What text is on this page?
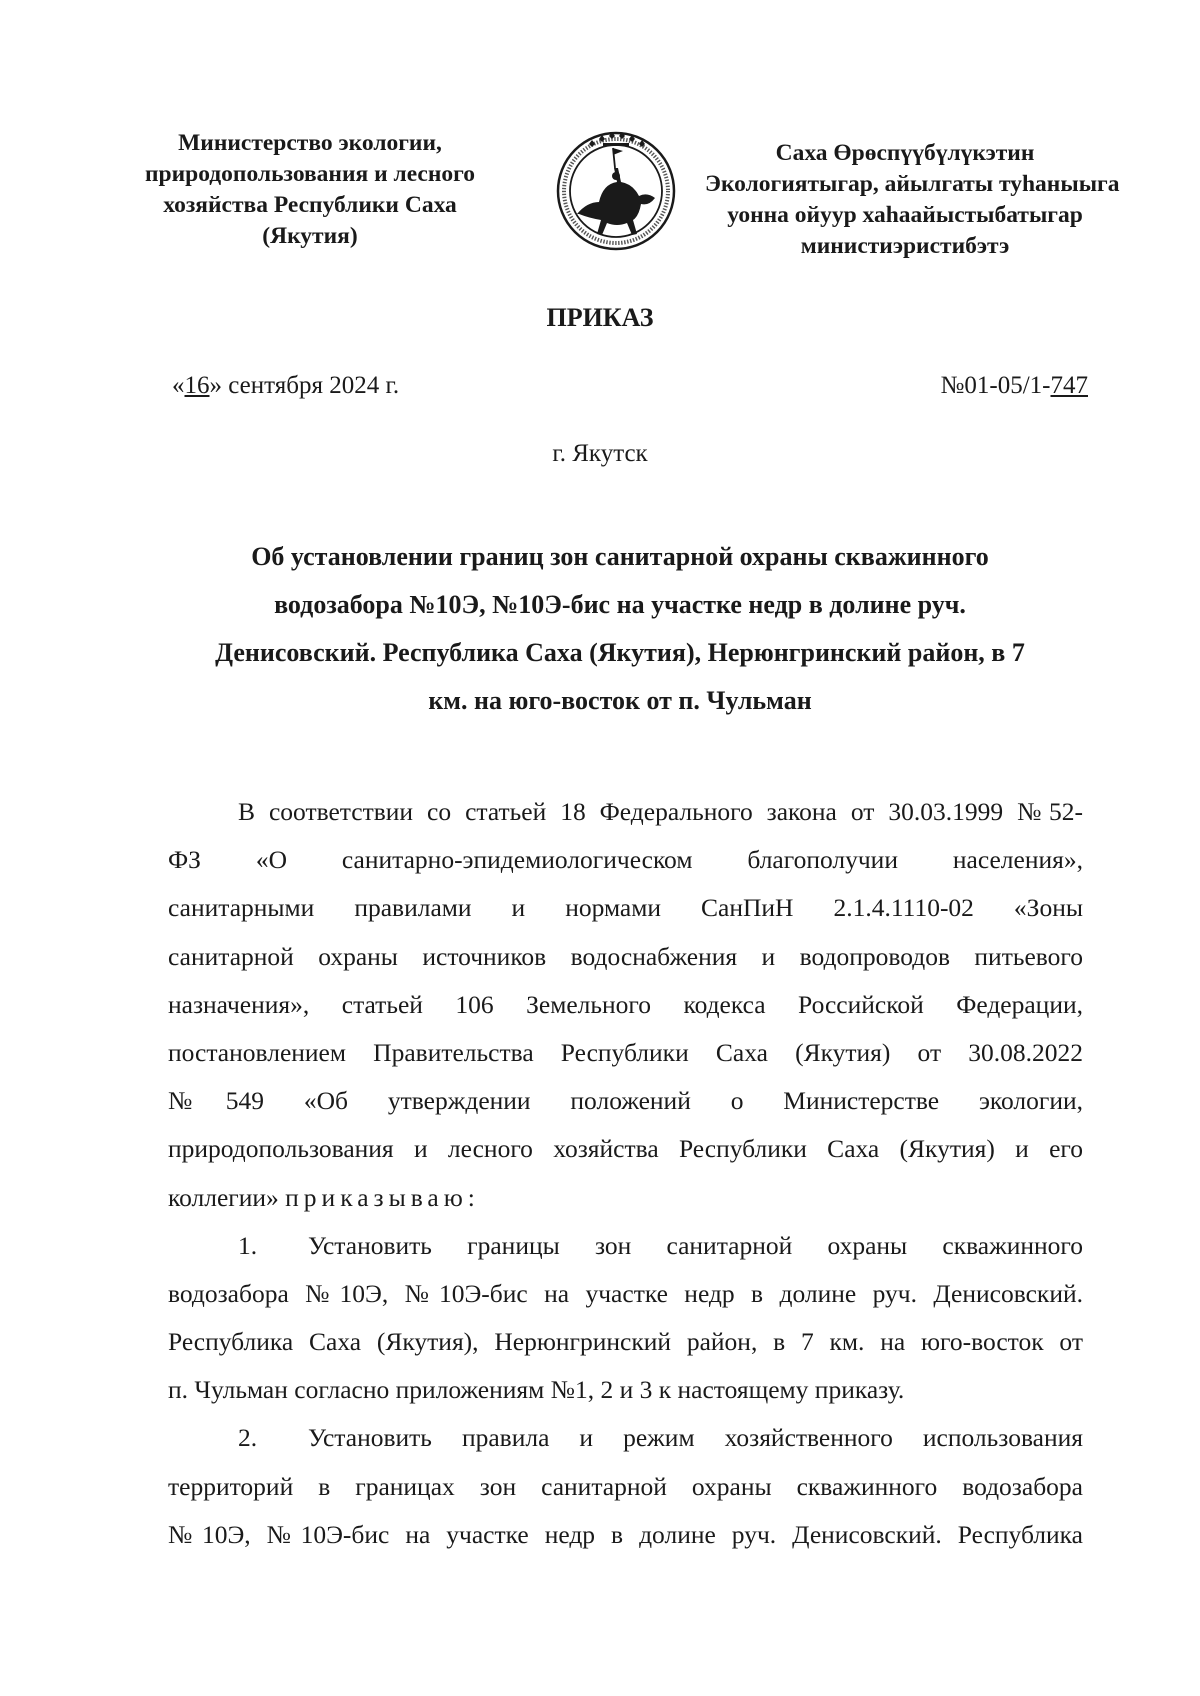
Министерство экологии,
природопользования и лесного
хозяйства Республики Саха
(Якутия)
Саха Өрөспүүбүлүкэтин
Экологиятыгар, айылгаты туһаныыга
уонна ойуур хаһаайыстыбатыгар
министиэристибэтэ
ПРИКАЗ
«16» сентября 2024 г.	№01-05/1-747
г. Якутск
Об установлении границ зон санитарной охраны скважинного
водозабора №10Э, №10Э-бис на участке недр в долине руч.
Денисовский. Республика Саха (Якутия), Нерюнгринский район, в 7
км. на юго-восток от п. Чульман
В соответствии со статьей 18 Федерального закона от 30.03.1999 №52-
ФЗ «О санитарно-эпидемиологическом благополучии населения»,
санитарными правилами и нормами СанПиН 2.1.4.1110-02 «Зоны
санитарной охраны источников водоснабжения и водопроводов питьевого
назначения», статьей 106 Земельного кодекса Российской Федерации,
постановлением Правительства Республики Саха (Якутия) от 30.08.2022
№549 «Об утверждении положений о Министерстве экологии,
природопользования и лесного хозяйства Республики Саха (Якутия) и его
коллегии» приказываю:
1. Установить границы зон санитарной охраны скважинного
водозабора №10Э, №10Э-бис на участке недр в долине руч. Денисовский.
Республика Саха (Якутия), Нерюнгринский район, в 7 км. на юго-восток от
п. Чульман согласно приложениям №1, 2 и 3 к настоящему приказу.
2. Установить правила и режим хозяйственного использования
территорий в границах зон санитарной охраны скважинного водозабора
№10Э, №10Э-бис на участке недр в долине руч. Денисовский. Республика
